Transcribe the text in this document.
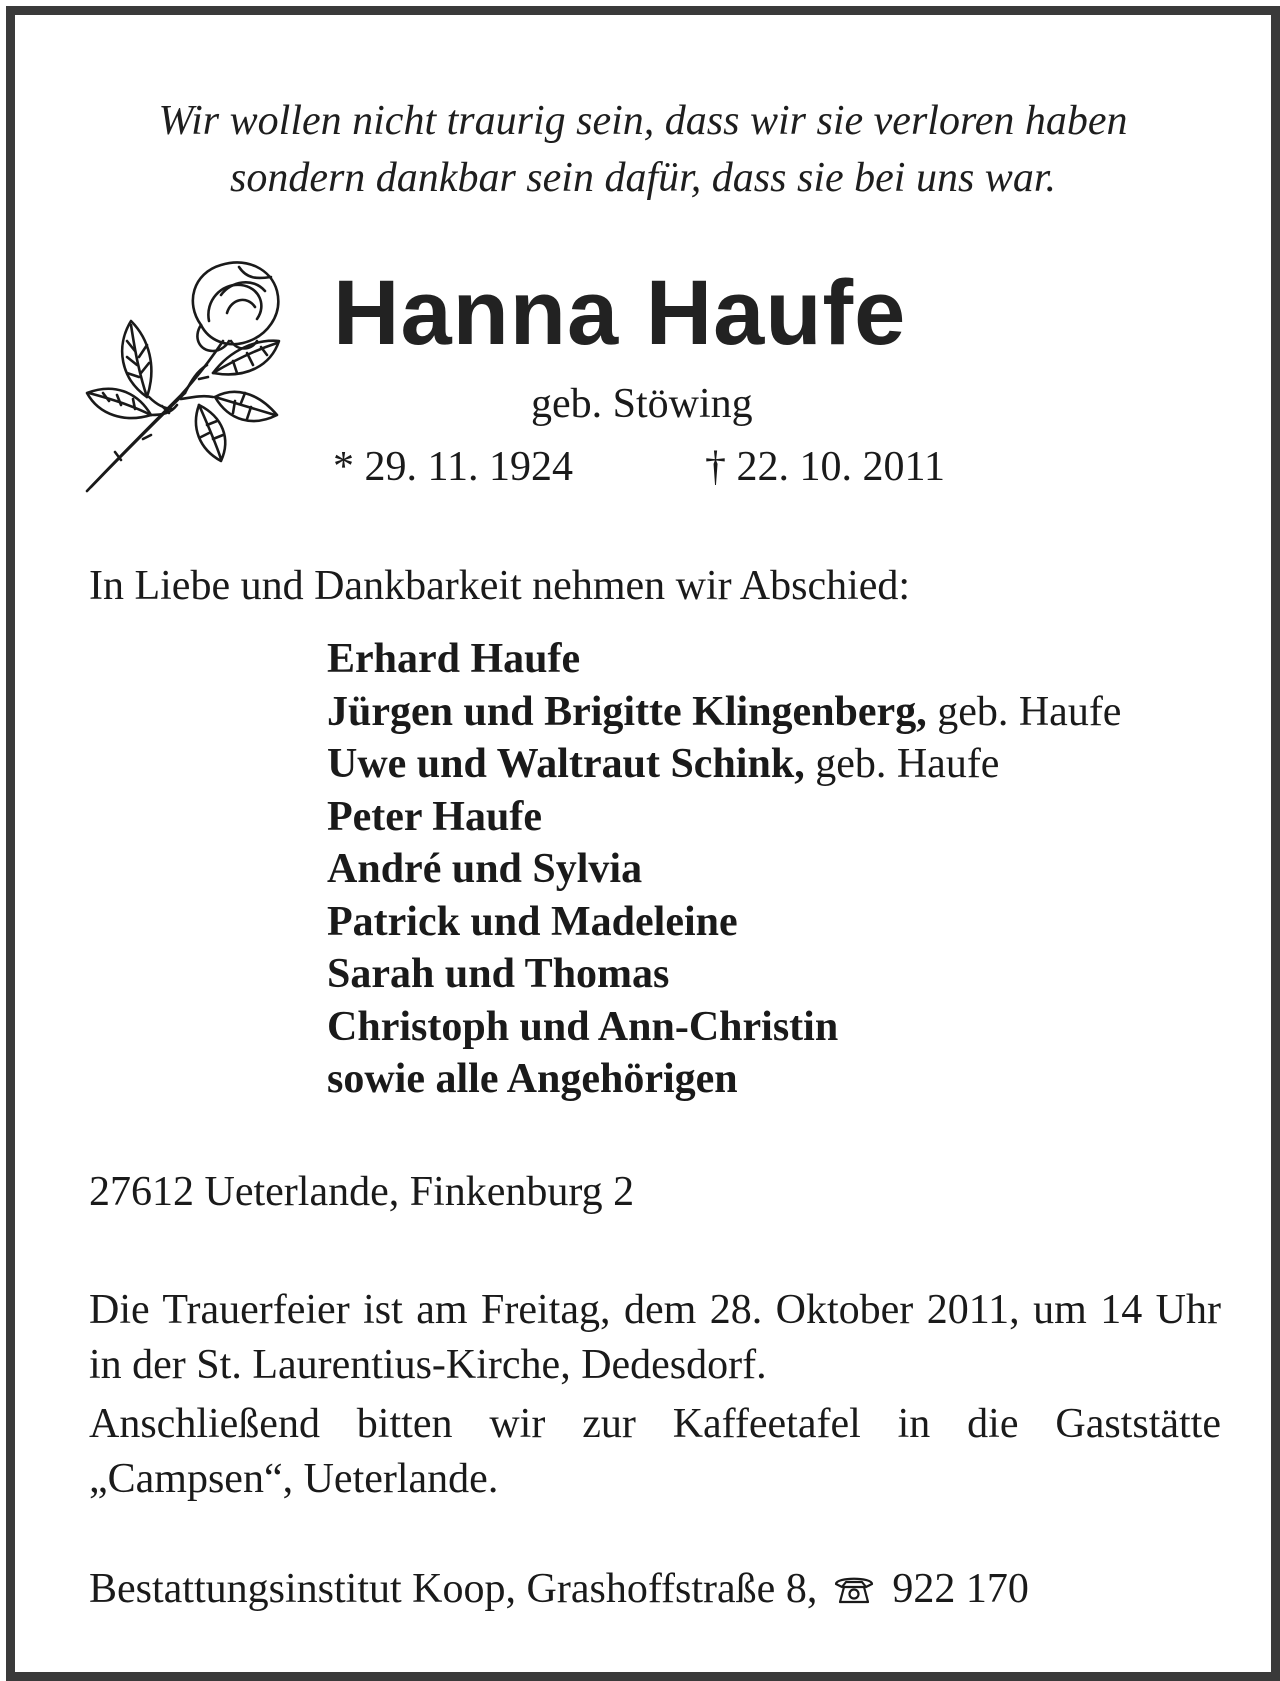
Wir wollen nicht traurig sein, dass wir sie verloren haben
sondern dankbar sein dafür, dass sie bei uns war.
Hanna Haufe
geb. Stöwing
* 29. 11. 1924	† 22. 10. 2011
In Liebe und Dankbarkeit nehmen wir Abschied:
Erhard Haufe
Jürgen und Brigitte Klingenberg, geb. Haufe
Uwe und Waltraut Schink, geb. Haufe
Peter Haufe
André und Sylvia
Patrick und Madeleine
Sarah und Thomas
Christoph und Ann-Christin
sowie alle Angehörigen
27612 Ueterlande, Finkenburg 2
Die Trauerfeier ist am Freitag, dem 28. Oktober 2011, um 14 Uhr in der St. Laurentius-Kirche, Dedesdorf.
Anschließend bitten wir zur Kaffeetafel in die Gaststätte „Campsen“, Ueterlande.
Bestattungsinstitut Koop, Grashoffstraße 8, 922 170
